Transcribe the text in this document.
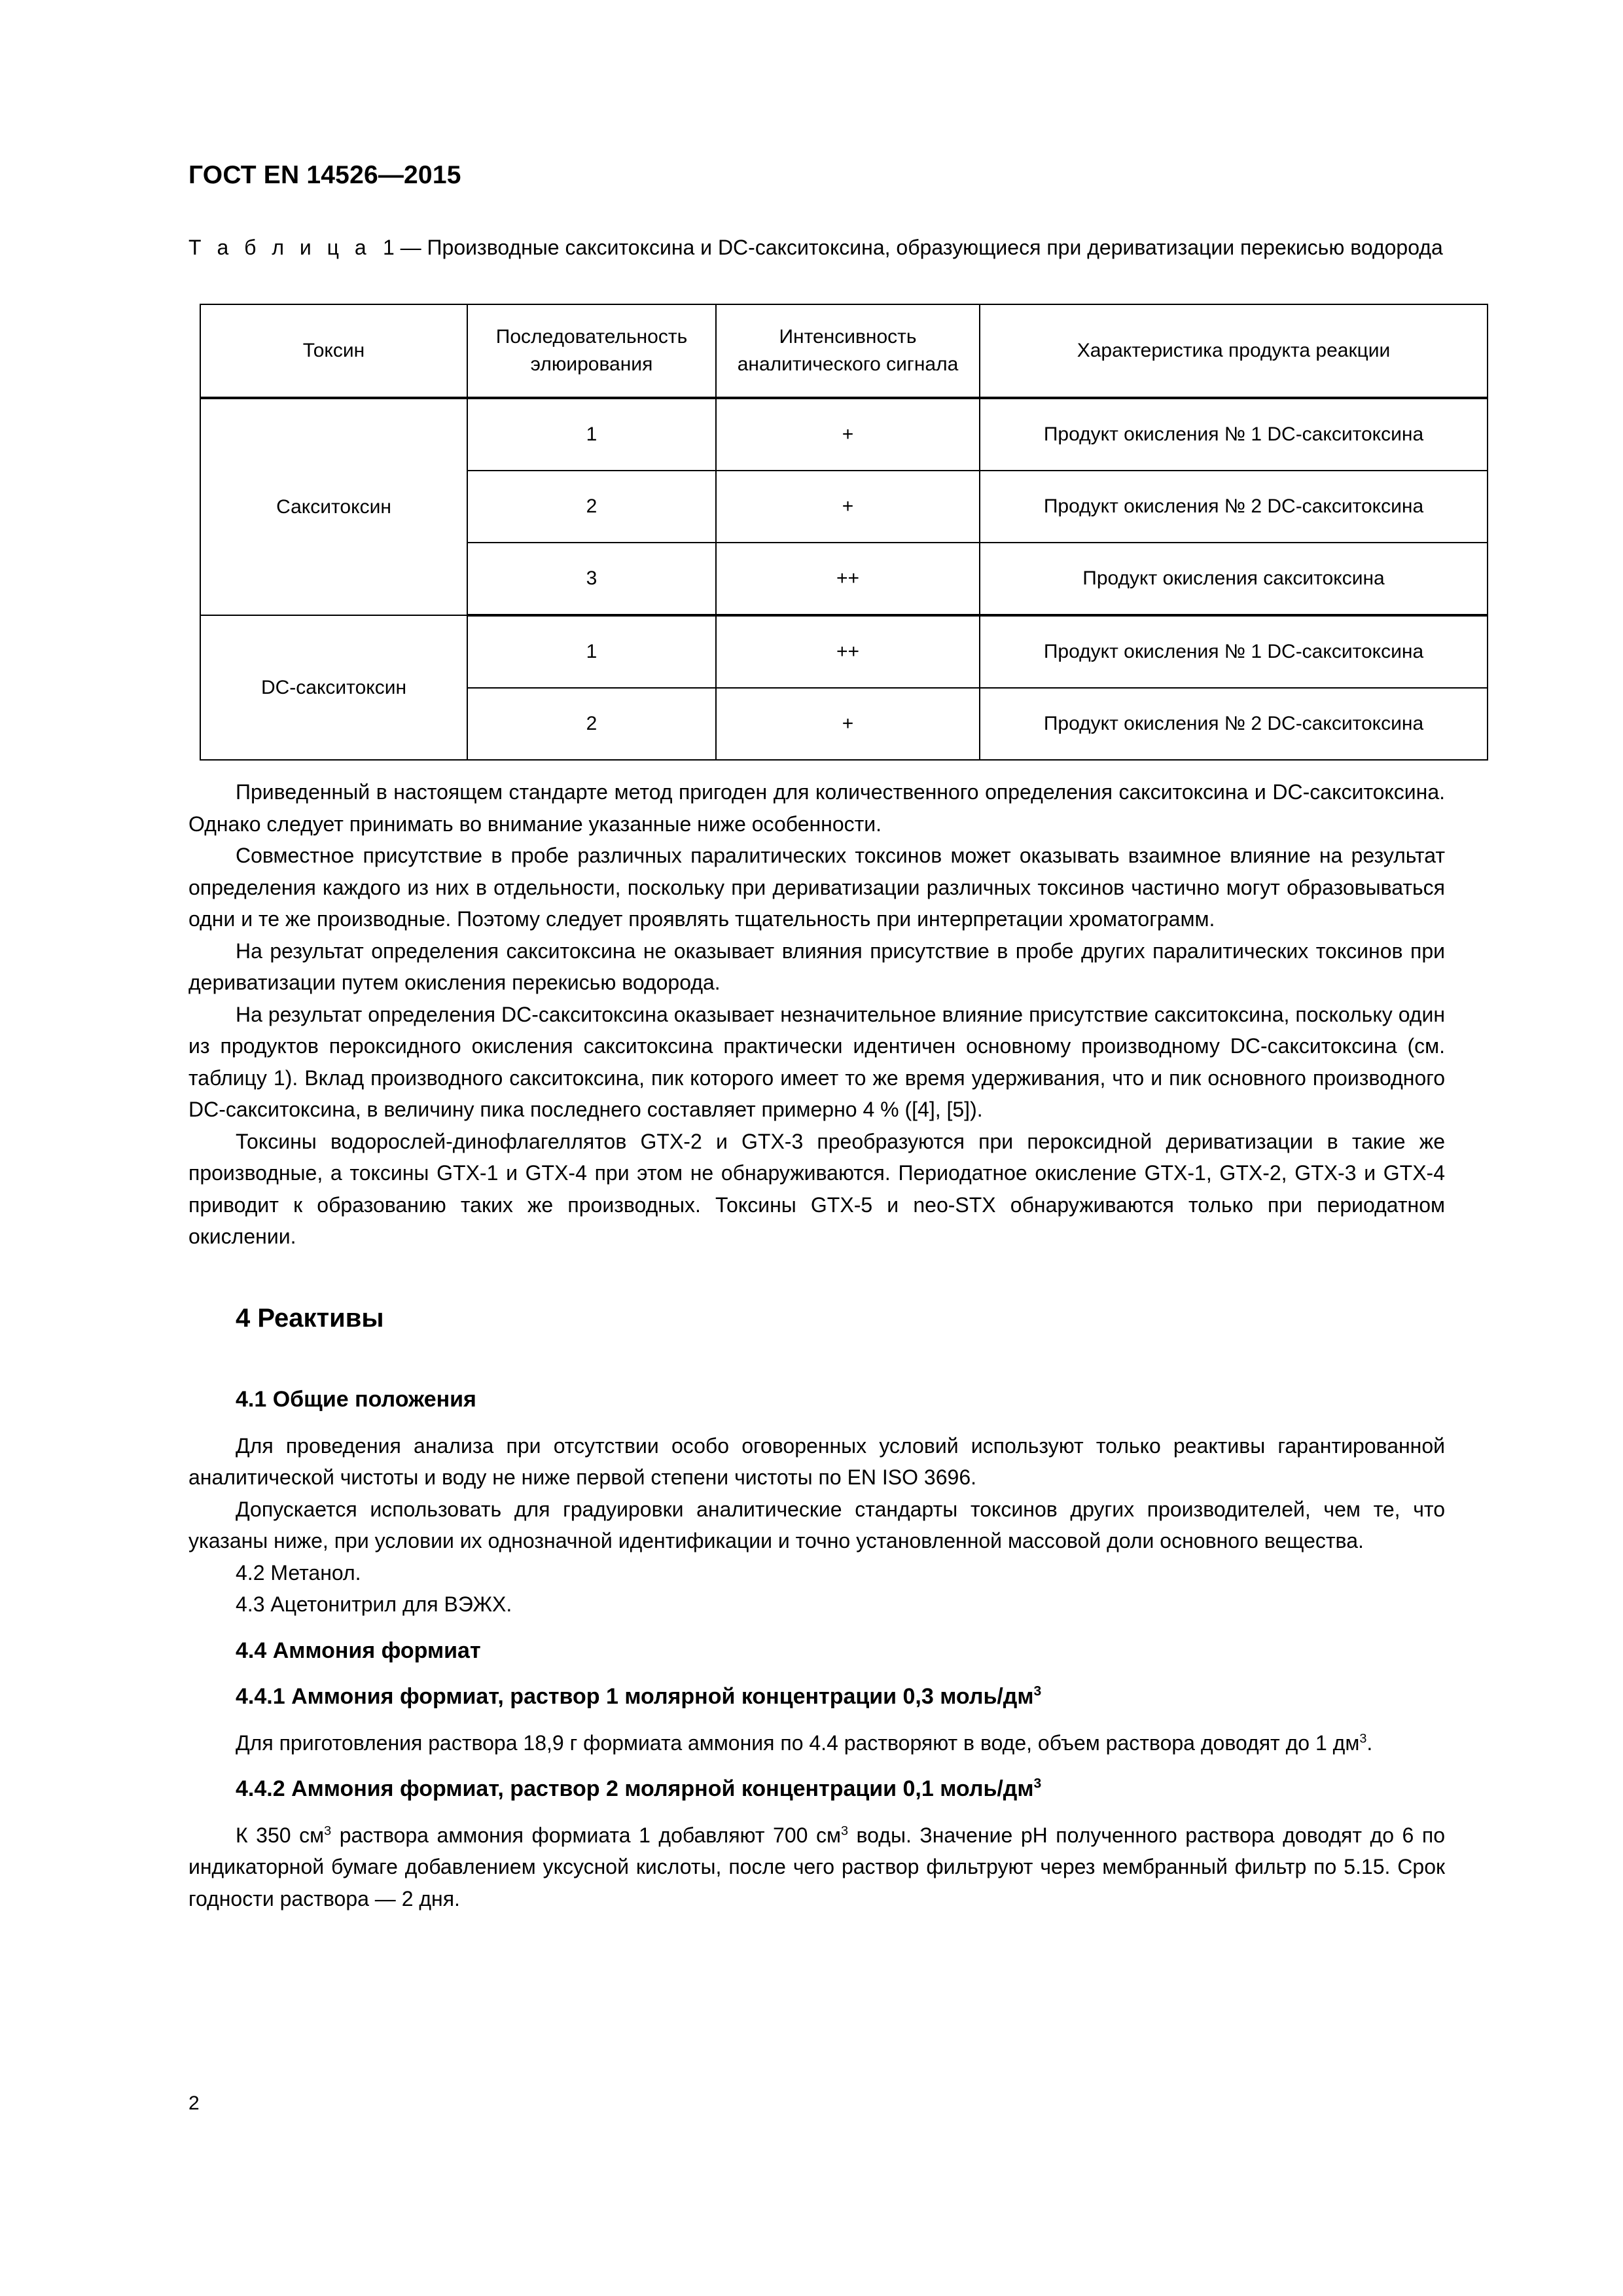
ГОСТ EN 14526—2015
Т а б л и ц а 1 — Производные сакситоксина и DC-сакситоксина, образующиеся при дериватизации перекисью водорода
Токсин	Последовательность элюирования	Интенсивность аналитического сигнала	Характеристика продукта реакции
Сакситоксин	1	+	Продукт окисления № 1 DC-сакситоксина
	2	+	Продукт окисления № 2 DC-сакситоксина
	3	++	Продукт окисления сакситоксина
DC-сакситоксин	1	++	Продукт окисления № 1 DC-сакситоксина
	2	+	Продукт окисления № 2 DC-сакситоксина

Приведенный в настоящем стандарте метод пригоден для количественного определения сакситоксина и DC-сакситоксина. Однако следует принимать во внимание указанные ниже особенности.

Совместное присутствие в пробе различных паралитических токсинов может оказывать взаимное влияние на результат определения каждого из них в отдельности, поскольку при дериватизации различных токсинов частично могут образовываться одни и те же производные. Поэтому следует проявлять тщательность при интерпретации хроматограмм.

На результат определения сакситоксина не оказывает влияния присутствие в пробе других паралитических токсинов при дериватизации путем окисления перекисью водорода.

На результат определения DC-сакситоксина оказывает незначительное влияние присутствие сакситоксина, поскольку один из продуктов пероксидного окисления сакситоксина практически идентичен основному производному DC-сакситоксина (см. таблицу 1). Вклад производного сакситоксина, пик которого имеет то же время удерживания, что и пик основного производного DC-сакситоксина, в величину пика последнего составляет примерно 4 % ([4], [5]).

Токсины водорослей-динофлагеллятов GTX-2 и GTX-3 преобразуются при пероксидной дериватизации в такие же производные, а токсины GTX-1 и GTX-4 при этом не обнаруживаются. Периодатное окисление GTX-1, GTX-2, GTX-3 и GTX-4 приводит к образованию таких же производных. Токсины GTX-5 и neo-STX обнаруживаются только при периодатном окислении.

4 Реактивы
4.1 Общие положения

Для проведения анализа при отсутствии особо оговоренных условий используют только реактивы гарантированной аналитической чистоты и воду не ниже первой степени чистоты по EN ISO 3696.

Допускается использовать для градуировки аналитические стандарты токсинов других производителей, чем те, что указаны ниже, при условии их однозначной идентификации и точно установленной массовой доли основного вещества.

4.2 Метанол.

4.3 Ацетонитрил для ВЭЖХ.

4.4 Аммония формиат
4.4.1 Аммония формиат, раствор 1 молярной концентрации 0,3 моль/$дм^3$

Для приготовления раствора 18,9 г формиата аммония по 4.4 растворяют в воде, объем раствора доводят до 1 $дм^3$.

4.4.2 Аммония формиат, раствор 2 молярной концентрации 0,1 моль/$дм^3$

К 350 $см^3$ раствора аммония формиата 1 добавляют 700 $см^3$ воды. Значение pH полученного раствора доводят до 6 по индикаторной бумаге добавлением уксусной кислоты, после чего раствор фильтруют через мембранный фильтр по 5.15. Срок годности раствора — 2 дня.

2
